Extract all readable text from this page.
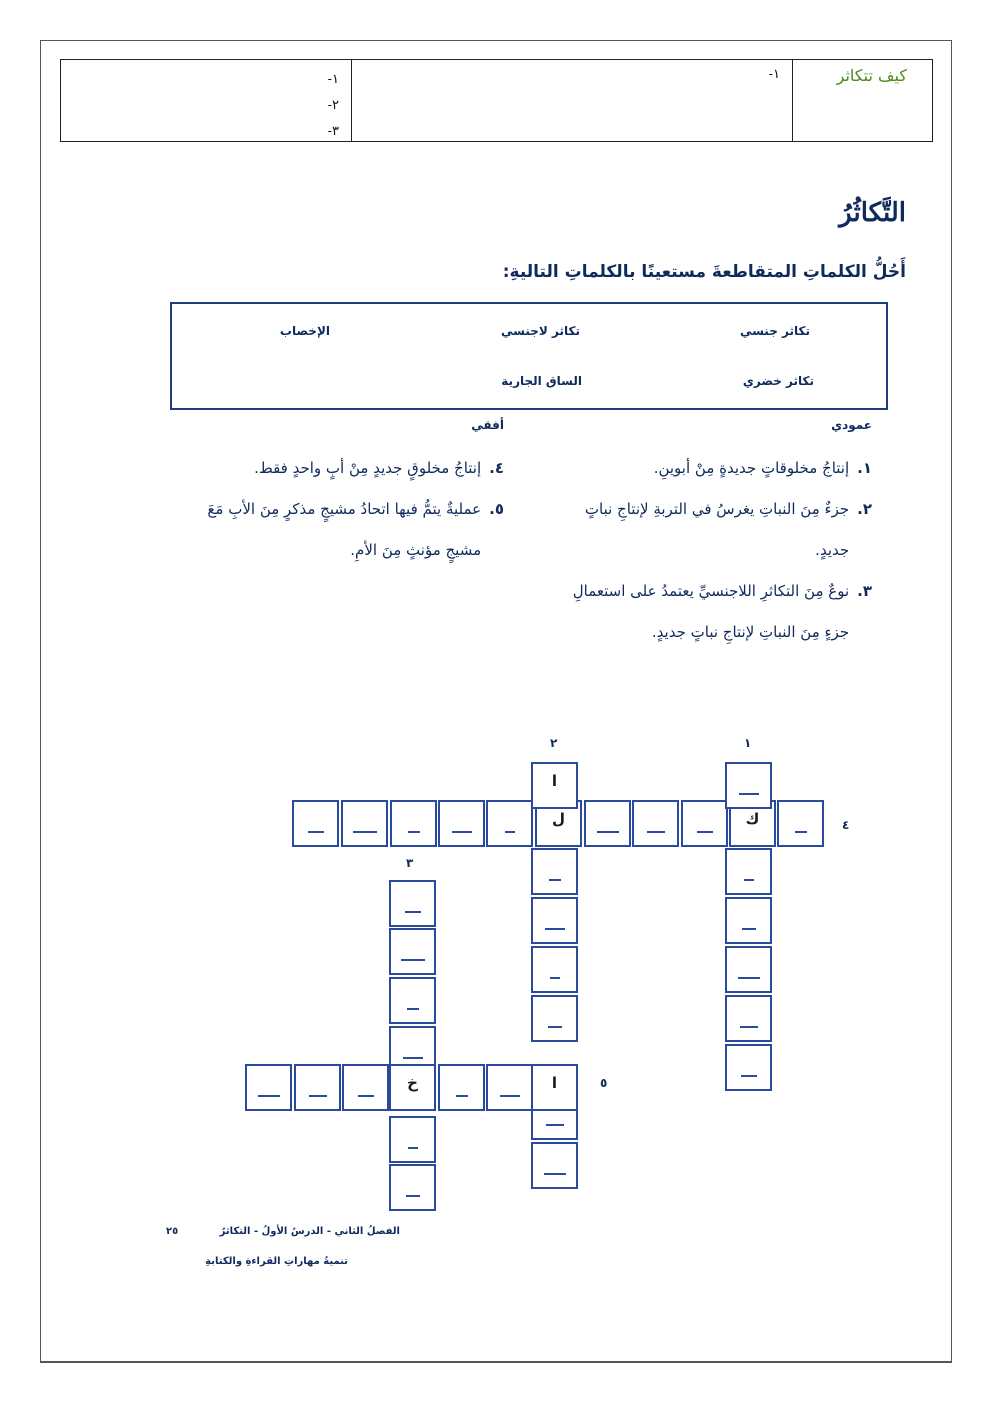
١-
٢-
٣-
١-	كيف تتكاثر
التَّكاثُرُ
أَحُلُّ الكلماتِ المتقاطعةَ مستعينًا بالكلماتِ التاليةِ:
تكاثر جنسي
تكاثر لاجنسي
الإخصاب
تكاثر خضري
الساق الجارية
عمودي
أفقي
١.
إنتاجُ مخلوقاتٍ جديدةٍ مِنْ أبوينِ.
٢.
جزءٌ مِنَ النباتِ يغرسُ في التربةِ لإنتاجِ نباتٍ جديدٍ.
٣.
نوعٌ مِنَ التكاثرِ اللاجنسيِّ يعتمدُ على استعمالِ جزءٍ مِنَ النباتِ لإنتاجِ نباتٍ جديدٍ.
٤.
إنتاجُ مخلوقٍ جديدٍ مِنْ أبٍ واحدٍ فقط.
٥.
عمليةٌ يتمُّ فيها اتحادُ مشيجٍ مذكرٍ مِنَ الأبِ مَعَ مشيجٍ مؤنثٍ مِنَ الأمِ.
١
٢
٣
٤
٥
ل	ك
ا
خ	ا
الفصلُ الثاني - الدرسُ الأولُ - التكاثرُ
٢٥
تنميةُ مهاراتِ القراءةِ والكتابةِ
